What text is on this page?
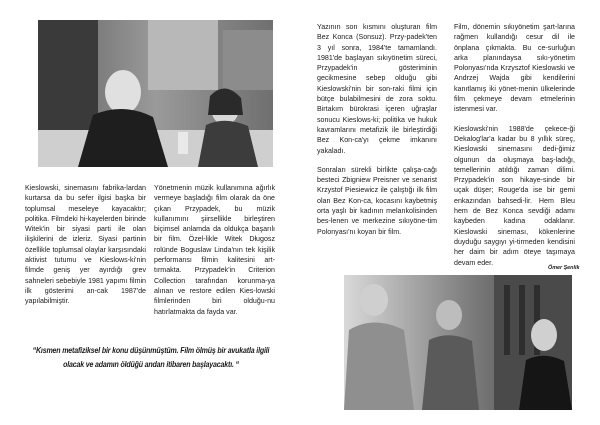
Kieslowski, sinemasını fabrika-lardan kurtarsa da bu sefer ilgisi başka bir toplumsal meseleye kayacaktır; politika. Filmdeki hi-kayelerden birinde Witek'in bir siyasi parti ile olan ilişkilerini de izleriz. Siyasi partinin özellikle toplumsal olaylar karşısındaki aktivist tutumu ve Kieslows-ki'nin filmde geniş yer ayırdığı grev sahneleri sebebiyle 1981 yapımı filmin ilk gösterimi an-cak 1987'de yapılabilmiştir.

Yönetmenin müzik kullanımına ağırlık vermeye başladığı film olarak da öne çıkan Przypadek, bu müzik kullanımını şiirsellikle birleştiren biçimsel anlamda da oldukça başarılı bir film. Özel-likle Witek Długosz rolünde Boguslaw Linda'nın tek kişilik performansı filmin kalitesini art-tırmakta. Przypadek'in Criterion Collection tarafından korunma-ya alınan ve restore edilen Kies-lowski filmlerinden biri olduğu-nu hatırlatmakta da fayda var.

“Kısmen metafiziksel bir konu düşünmüştüm. Film ölmüş bir avukatla ilgili olacak ve adamın öldüğü andan itibaren başlayacaktı. “

Yazının son kısmını oluşturan film Bez Konca (Sonsuz). Przy-padek'ten 3 yıl sonra, 1984'te tamamlandı. 1981'de başlayan sıkıyönetim süreci, Przypadek'in gösteriminin gecikmesine sebep olduğu gibi Kieslowski'nin bir son-raki filmi için bütçe bulabilmesini de zora soktu. Birtakım bürokrasi içeren uğraşlar sonucu Kieslows-ki; politika ve hukuk kavramlarını metafizik ile birleştirdiği Bez Kon-ca'yı çekme imkanını yakaladı.

Sonraları sürekli birlikte çalışa-cağı besteci Zbigniew Preisner ve senarist Krzystof Piesiewicz ile çalıştığı ilk film olan Bez Kon-ca, kocasını kaybetmiş orta yaşlı bir kadının melankolisinden bes-lenen ve merkezine sıkıyöne-tim Polonyası'nı koyan bir film.

Film, dönemin sıkıyönetim şart-larına rağmen kullandığı cesur dil ile önplana çıkmakta. Bu ce-surluğun arka planındaysa sıkı-yönetim Polonyası'nda Krzysztof Kieslowski ve Andrzej Wajda gibi kendilerini kanıtlamış iki yönet-menin ülkelerinde film çekmeye devam etmelerinin istenmesi var.

Kieslowski'nin 1988'de çekece-ği Dekalog'lar'a kadar bu 8 yıllık süreç, Kieslowski sinemasını dedi-ğimiz olgunun da oluşmaya baş-ladığı, temellerinin atıldığı zaman dilimi. Przypadek'in son hikaye-sinde bir uçak düşer; Rouge'da ise bir gemi enkazından bahsedi-lir. Hem Bleu hem de Bez Konca sevdiği adamı kaybeden kadına odaklanır. Kieslowski sineması, kökenlerine duyduğu saygıyı yi-tirmeden kendisini her daim bir adım öteye taşımaya devam eder.

Ömer Şenlik
